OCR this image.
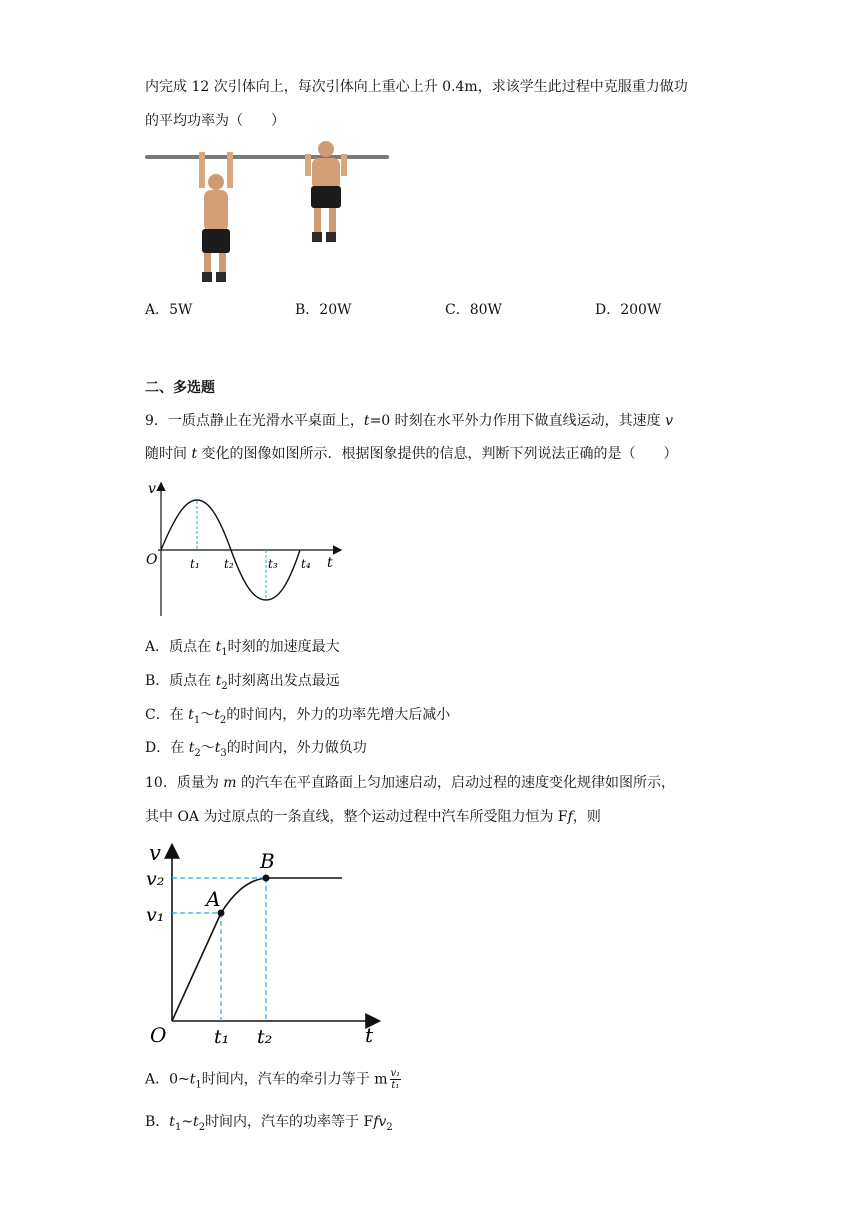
内完成 12 次引体向上，每次引体向上重心上升 0.4m，求该学生此过程中克服重力做功
的平均功率为（　　）
A．5W	B．20W	C．80W	D．200W
二、多选题
9．一质点静止在光滑水平桌面上，t=0 时刻在水平外力作用下做直线运动，其速度 v
随时间 t 变化的图像如图所示．根据图象提供的信息，判断下列说法正确的是（　　）
v
O	t₁ t₂	t₃ t₄ t
A．质点在 $t_1$时刻的加速度最大
B．质点在 $t_2$时刻离出发点最远
C．在 $t_1\sim t_2$的时间内，外力的功率先增大后减小
D．在 $t_2\sim t_3$的时间内，外力做负功
10．质量为 m 的汽车在平直路面上匀加速启动，启动过程的速度变化规律如图所示，
其中 OA 为过原点的一条直线，整个运动过程中汽车所受阻力恒为 Ff，则
v
v₂
v₁
A
B
O	t₁ t₂	t
A．$0\sim t_1$时间内，汽车的牵引力等于 m $\frac{\text{v₁}}{\text{t₁}}$
B．$t_1\sim t_2$时间内，汽车的功率等于 Ffv$_2$
